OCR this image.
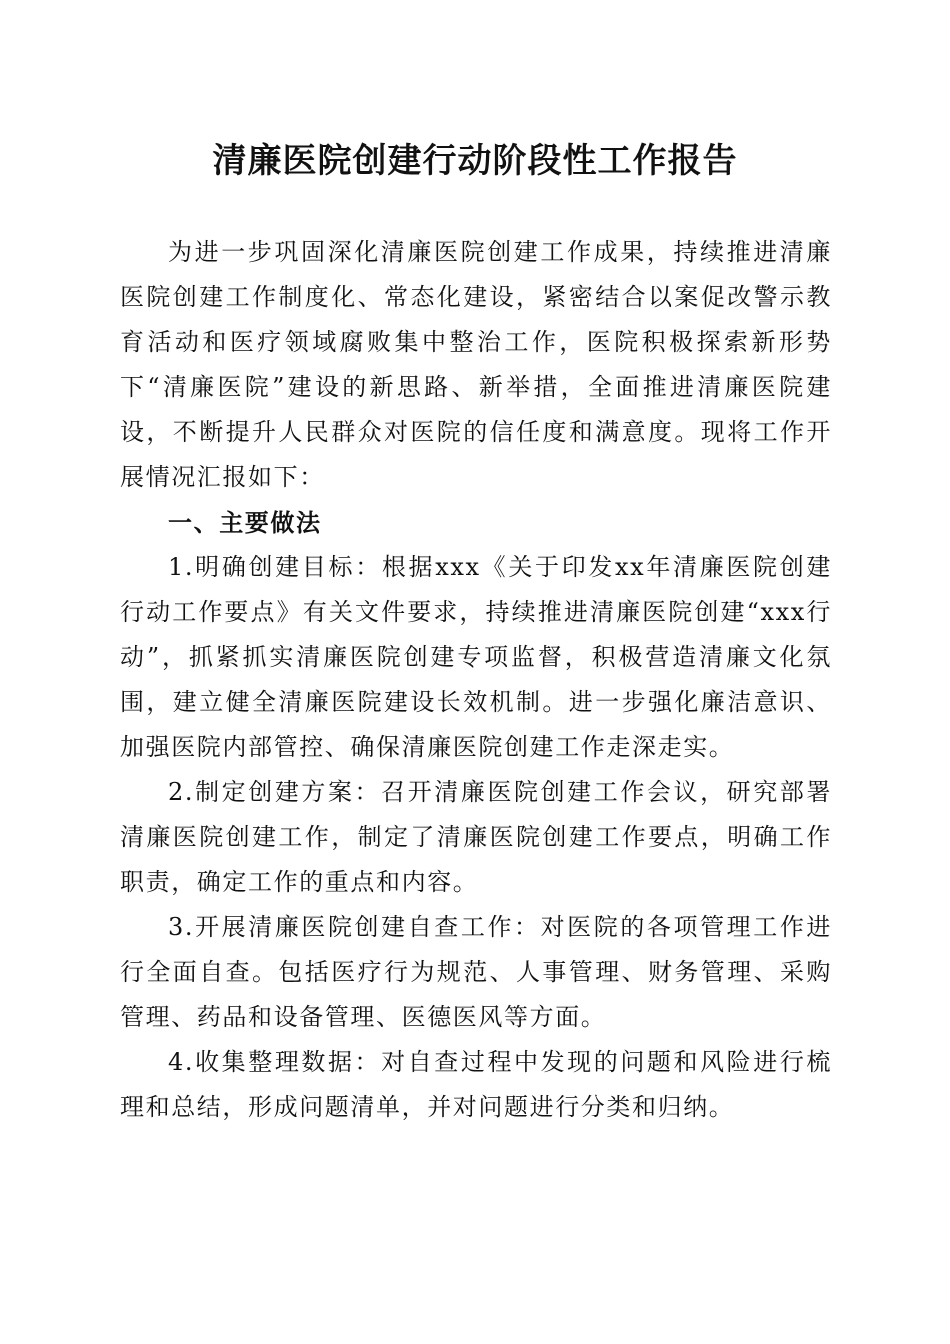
清廉医院创建行动阶段性工作报告

为进一步巩固深化清廉医院创建工作成果，持续推进清廉医院创建工作制度化、常态化建设，紧密结合以案促改警示教育活动和医疗领域腐败集中整治工作，医院积极探索新形势下“清廉医院”建设的新思路、新举措，全面推进清廉医院建设，不断提升人民群众对医院的信任度和满意度。现将工作开展情况汇报如下：

一、主要做法

1.明确创建目标：根据xxx《关于印发xx年清廉医院创建行动工作要点》有关文件要求，持续推进清廉医院创建“xxx行动”，抓紧抓实清廉医院创建专项监督，积极营造清廉文化氛围，建立健全清廉医院建设长效机制。进一步强化廉洁意识、加强医院内部管控、确保清廉医院创建工作走深走实。

2.制定创建方案：召开清廉医院创建工作会议，研究部署清廉医院创建工作，制定了清廉医院创建工作要点，明确工作职责，确定工作的重点和内容。

3.开展清廉医院创建自查工作：对医院的各项管理工作进行全面自查。包括医疗行为规范、人事管理、财务管理、采购管理、药品和设备管理、医德医风等方面。

4.收集整理数据：对自查过程中发现的问题和风险进行梳理和总结，形成问题清单，并对问题进行分类和归纳。
